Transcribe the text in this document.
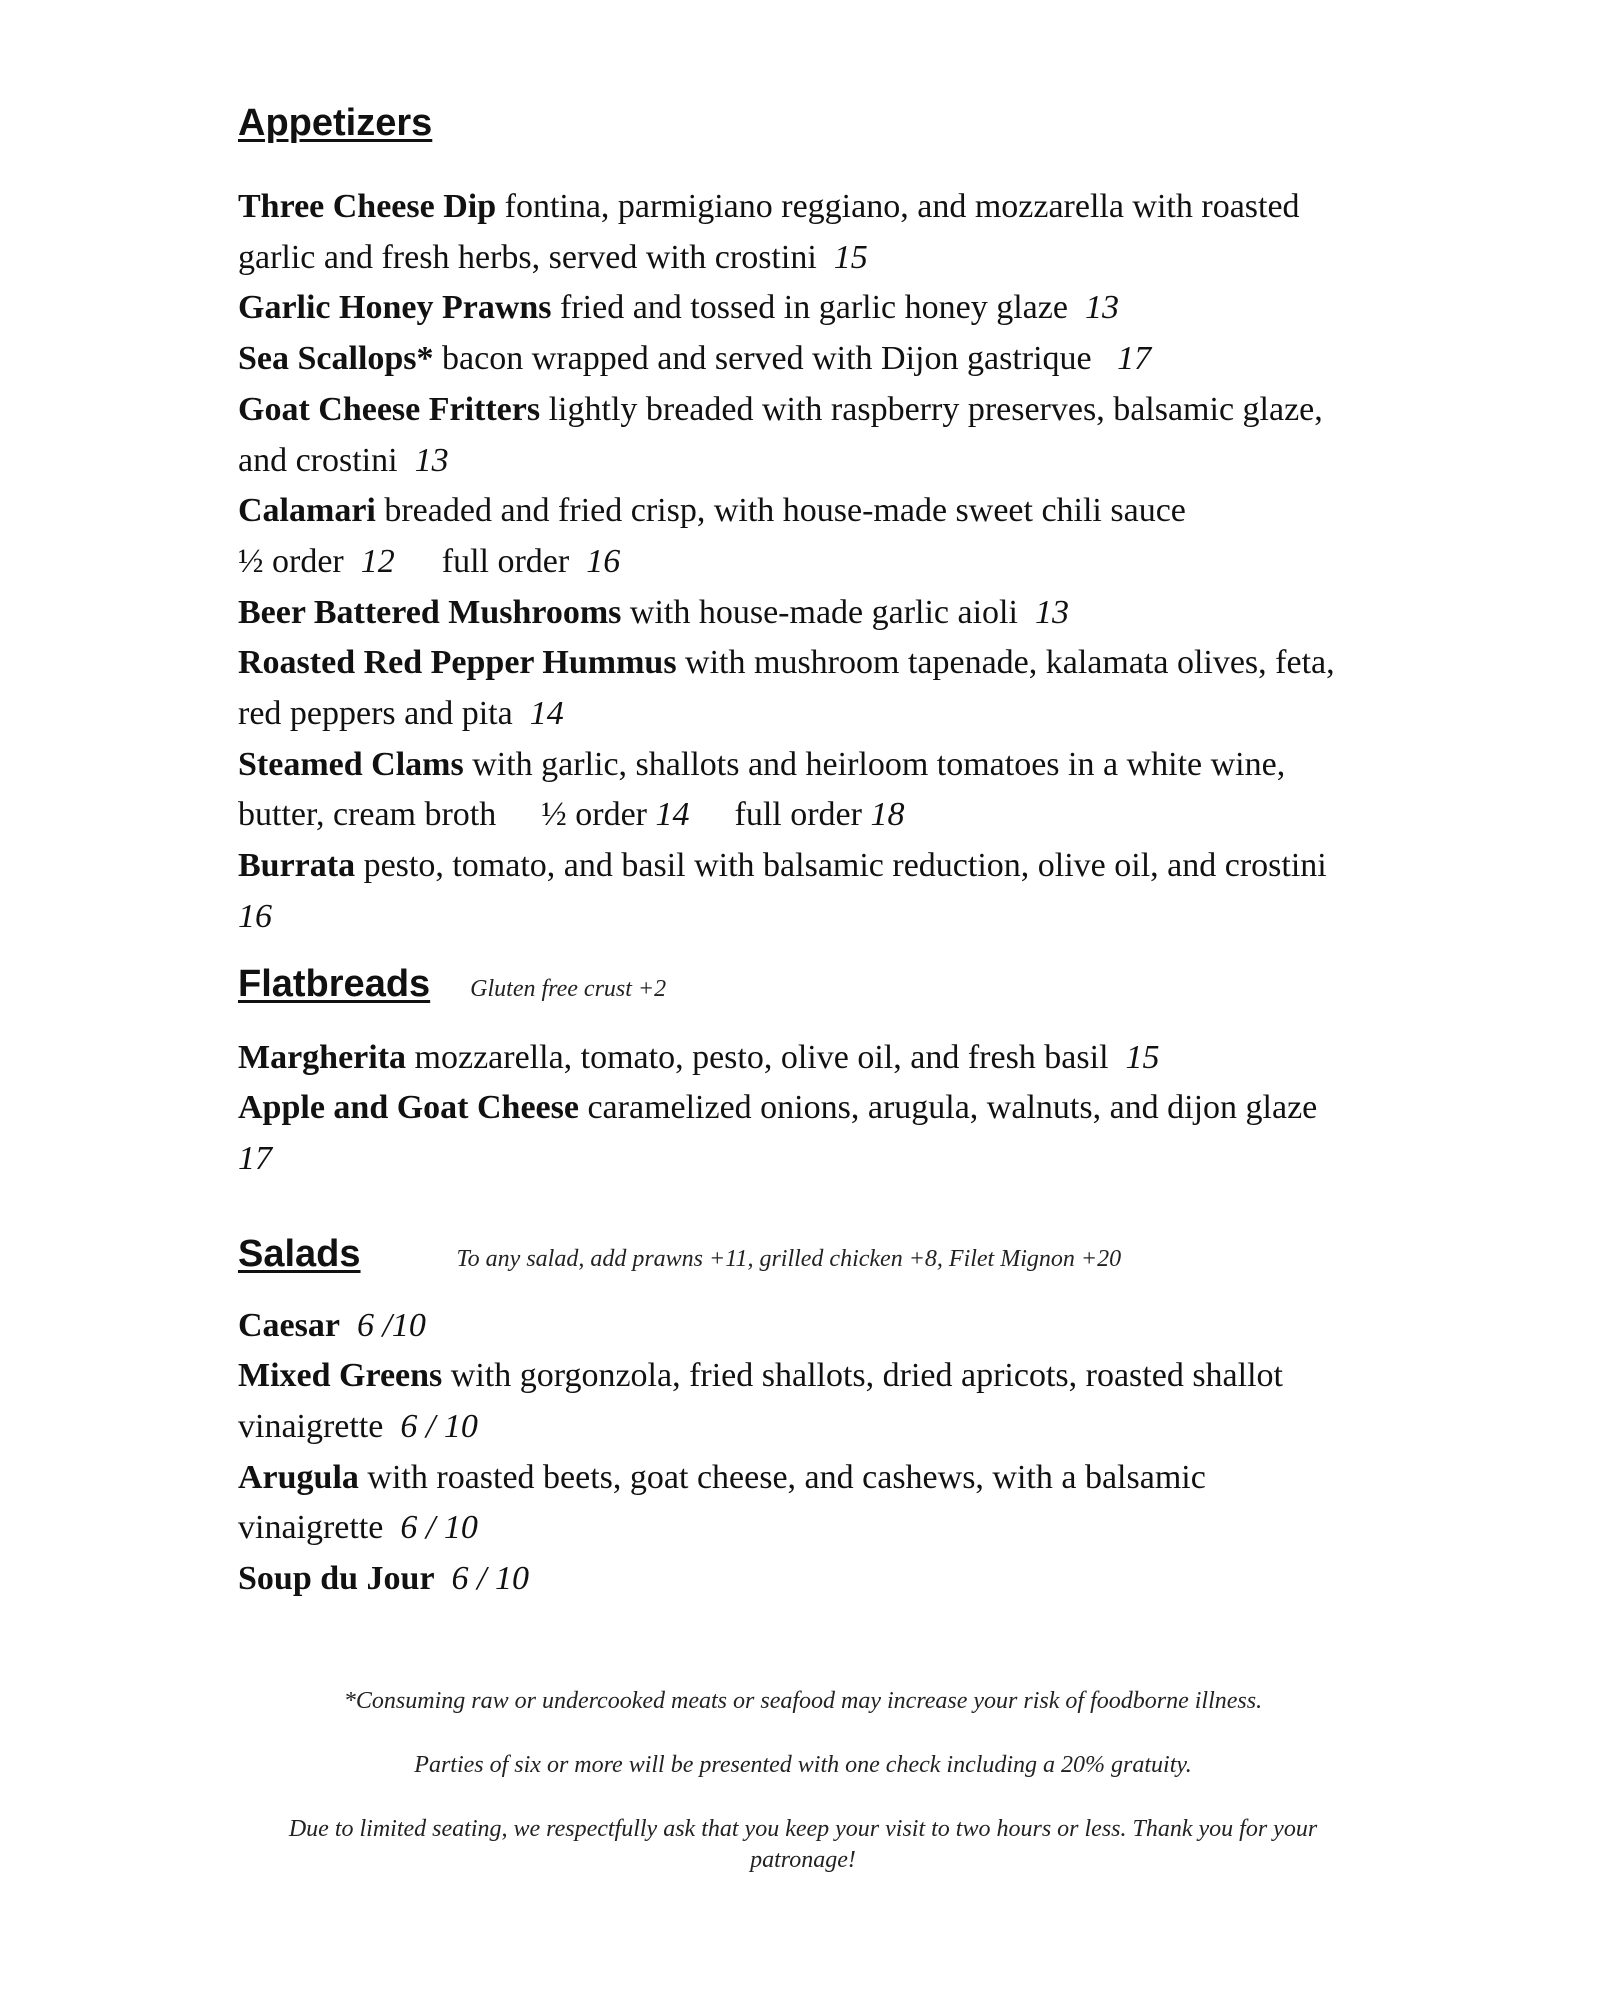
Appetizers
Three Cheese Dip fontina, parmigiano reggiano, and mozzarella with roasted garlic and fresh herbs, served with crostini 15
Garlic Honey Prawns fried and tossed in garlic honey glaze 13
Sea Scallops* bacon wrapped and served with Dijon gastrique 17
Goat Cheese Fritters lightly breaded with raspberry preserves, balsamic glaze, and crostini 13
Calamari breaded and fried crisp, with house-made sweet chili sauce
½ order 12 full order 16
Beer Battered Mushrooms with house-made garlic aioli 13
Roasted Red Pepper Hummus with mushroom tapenade, kalamata olives, feta, red peppers and pita 14
Steamed Clams with garlic, shallots and heirloom tomatoes in a white wine, butter, cream broth ½ order 14 full order 18
Burrata pesto, tomato, and basil with balsamic reduction, olive oil, and crostini  16
Flatbreads Gluten free crust +2
Margherita mozzarella, tomato, pesto, olive oil, and fresh basil 15
Apple and Goat Cheese caramelized onions, arugula, walnuts, and dijon glaze  17
Salads	To any salad, add prawns +11, grilled chicken +8, Filet Mignon +20
Caesar 6 /10
Mixed Greens with gorgonzola, fried shallots, dried apricots, roasted shallot vinaigrette 6 / 10
Arugula with roasted beets, goat cheese, and cashews, with a balsamic vinaigrette 6 / 10
Soup du Jour 6 / 10

*Consuming raw or undercooked meats or seafood may increase your risk of foodborne illness.

Parties of six or more will be presented with one check including a 20% gratuity.

Due to limited seating, we respectfully ask that you keep your visit to two hours or less. Thank you for your patronage!
